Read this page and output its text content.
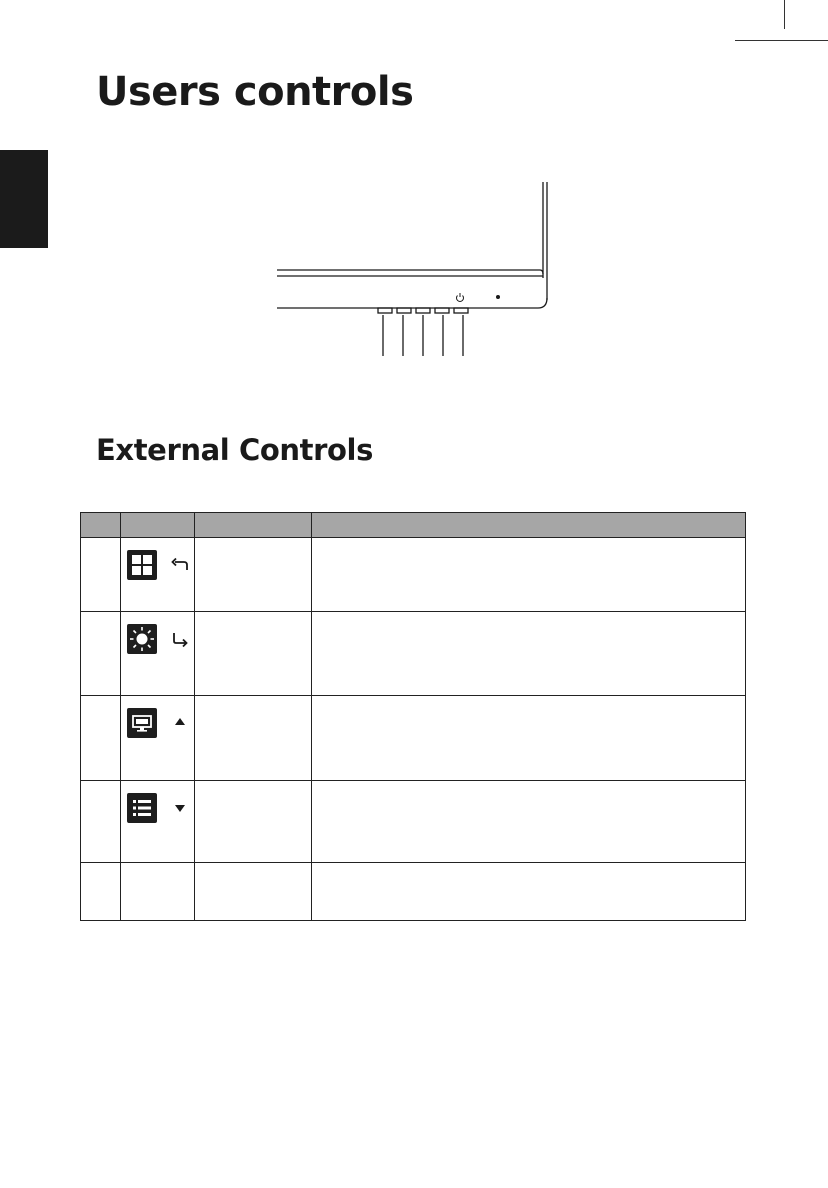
Users controls
External Controls
